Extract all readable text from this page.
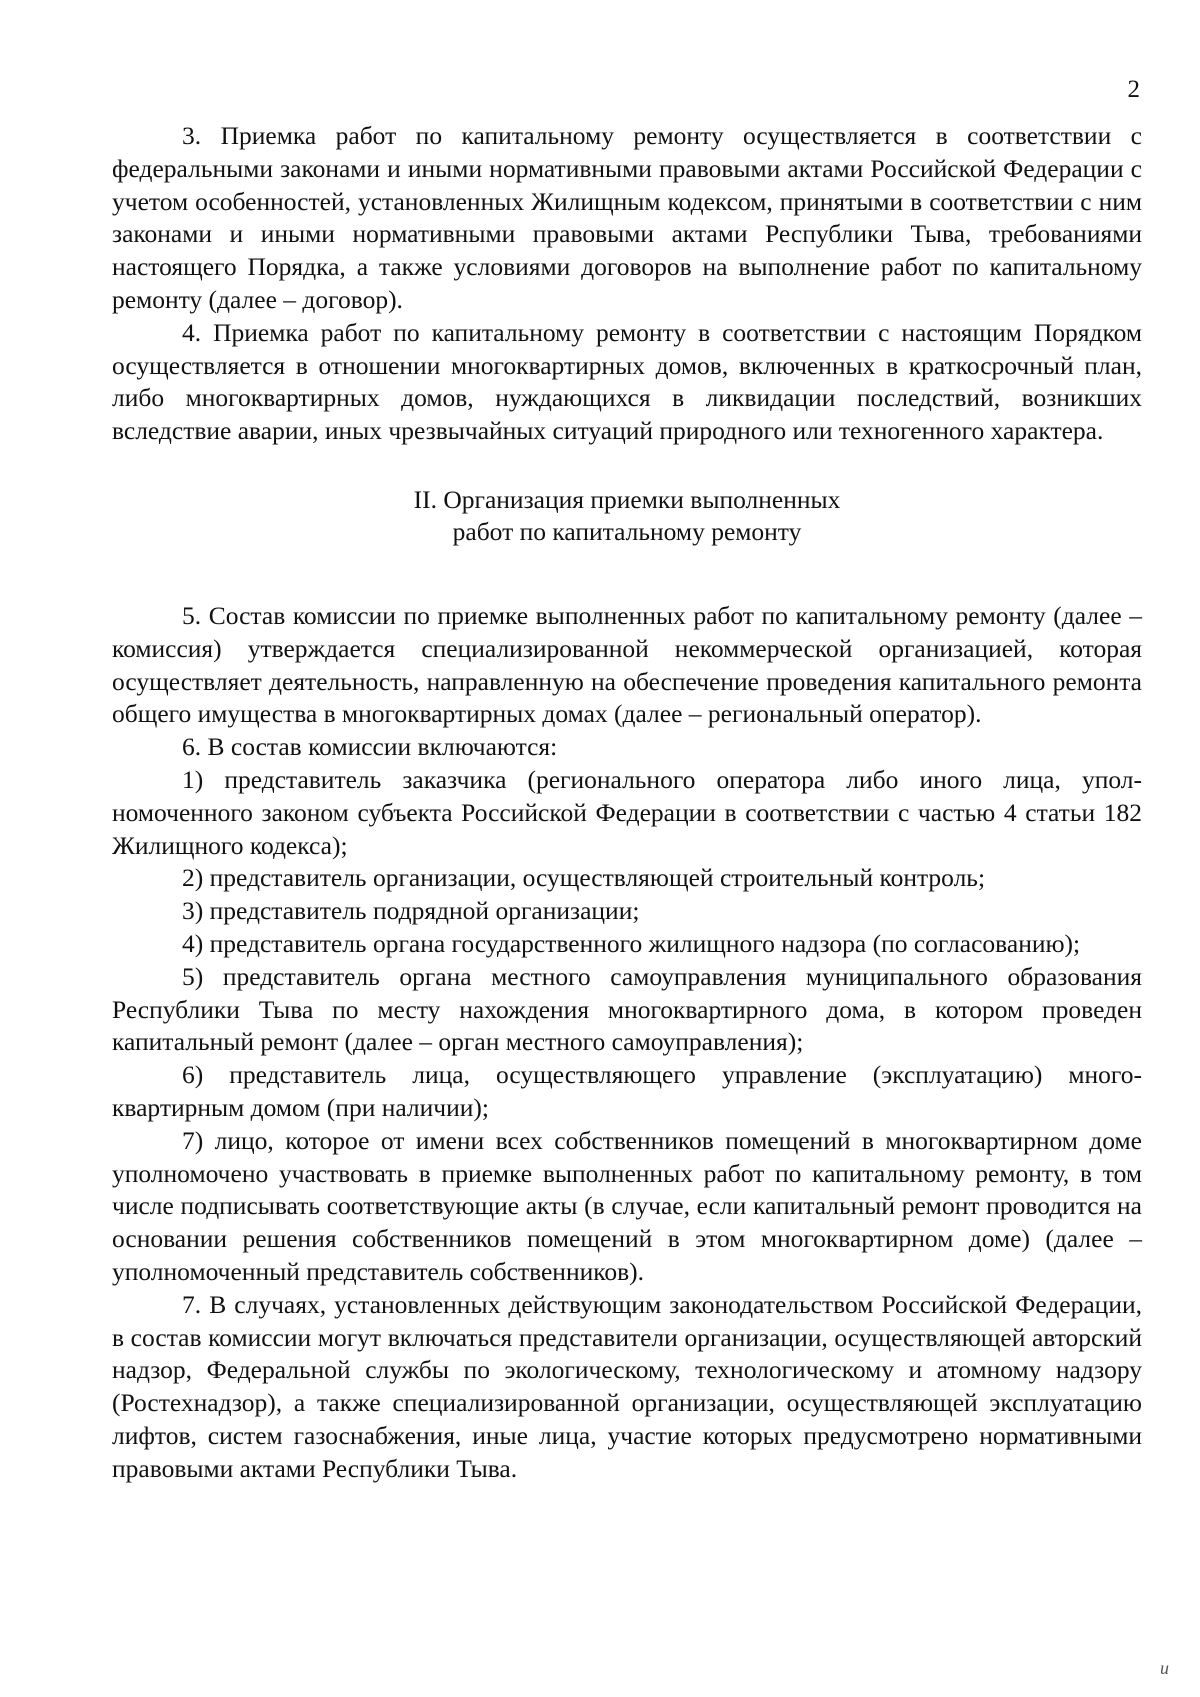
2

3. Приемка работ по капитальному ремонту осуществляется в соответствии с федеральными законами и иными нормативными правовыми актами Российской Федерации с учетом особенностей, установленных Жилищным кодексом, принятыми в соответствии с ним законами и иными нормативными правовыми актами Республики Тыва, требованиями настоящего Порядка, а также условиями договоров на выполнение работ по капитальному ремонту (далее – договор).

4. Приемка работ по капитальному ремонту в соответствии с настоящим Порядком осуществляется в отношении многоквартирных домов, включенных в краткосрочный план, либо многоквартирных домов, нуждающихся в ликвидации последствий, возникших вследствие аварии, иных чрезвычайных ситуаций природного или техногенного характера.

II. Организация приемки выполненных
работ по капитальному ремонту

5. Состав комиссии по приемке выполненных работ по капитальному ремонту (далее – комиссия) утверждается специализированной некоммерческой организацией, которая осуществляет деятельность, направленную на обеспечение проведения капитального ремонта общего имущества в многоквартирных домах (далее – региональный оператор).

6. В состав комиссии включаются:

1) представитель заказчика (регионального оператора либо иного лица, уполномоченного законом субъекта Российской Федерации в соответствии с частью 4 статьи 182 Жилищного кодекса);

2) представитель организации, осуществляющей строительный контроль;

3) представитель подрядной организации;

4) представитель органа государственного жилищного надзора (по согласованию);

5) представитель органа местного самоуправления муниципального образования Республики Тыва по месту нахождения многоквартирного дома, в котором проведен капитальный ремонт (далее – орган местного самоуправления);

6) представитель лица, осуществляющего управление (эксплуатацию) многоквартирным домом (при наличии);

7) лицо, которое от имени всех собственников помещений в многоквартирном доме уполномочено участвовать в приемке выполненных работ по капитальному ремонту, в том числе подписывать соответствующие акты (в случае, если капитальный ремонт проводится на основании решения собственников помещений в этом многоквартирном доме) (далее – уполномоченный представитель собственников).

7. В случаях, установленных действующим законодательством Российской Федерации, в состав комиссии могут включаться представители организации, осуществляющей авторский надзор, Федеральной службы по экологическому, технологическому и атомному надзору (Ростехнадзор), а также специализированной организации, осуществляющей эксплуатацию лифтов, систем газоснабжения, иные лица, участие которых предусмотрено нормативными правовыми актами Республики Тыва.

и
